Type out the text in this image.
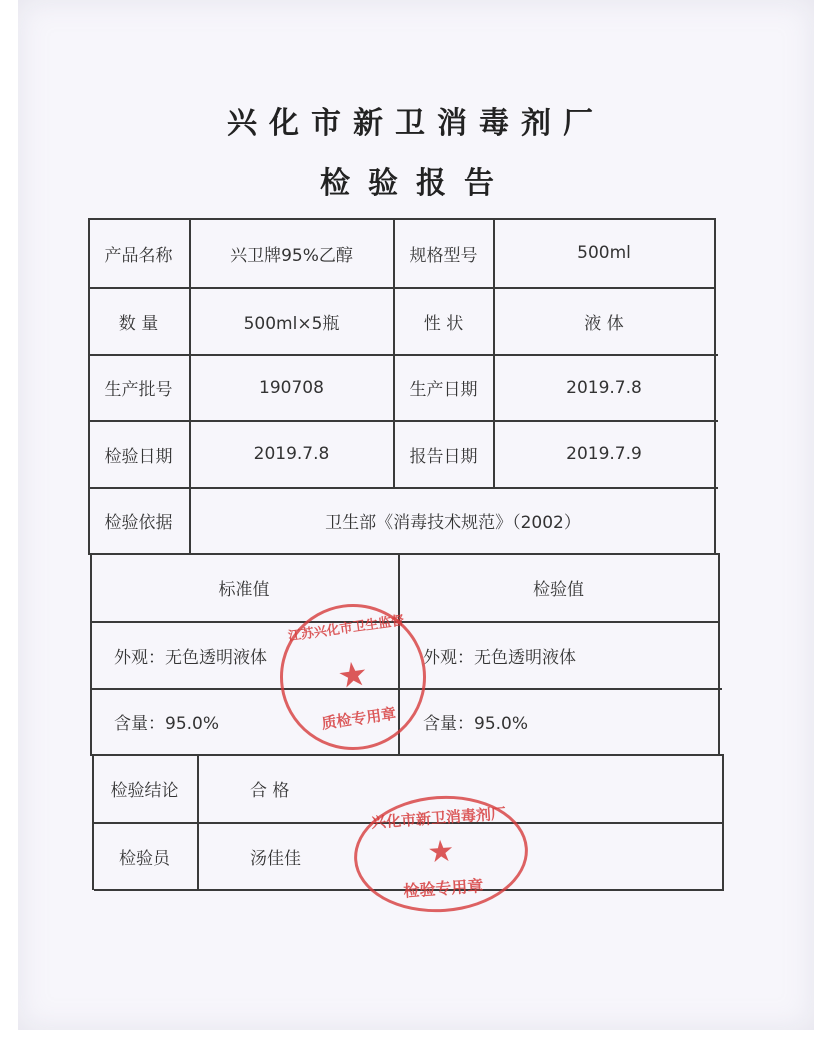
兴化市新卫消毒剂厂
检验报告
产品名称	兴卫牌95%乙醇	规格型号	500ml
数 量	500ml×5瓶	性 状	液 体
生产批号	190708	生产日期	2019.7.8
检验日期	2019.7.8	报告日期	2019.7.9
检验依据	卫生部《消毒技术规范》（2002）
标准值	检验值
外观：无色透明液体	外观：无色透明液体
含量：95.0%	含量：95.0%
检验结论	合 格
检验员	汤佳佳
江苏兴化市卫生监督
★
质检专用章
兴化市新卫消毒剂厂
★
检验专用章
